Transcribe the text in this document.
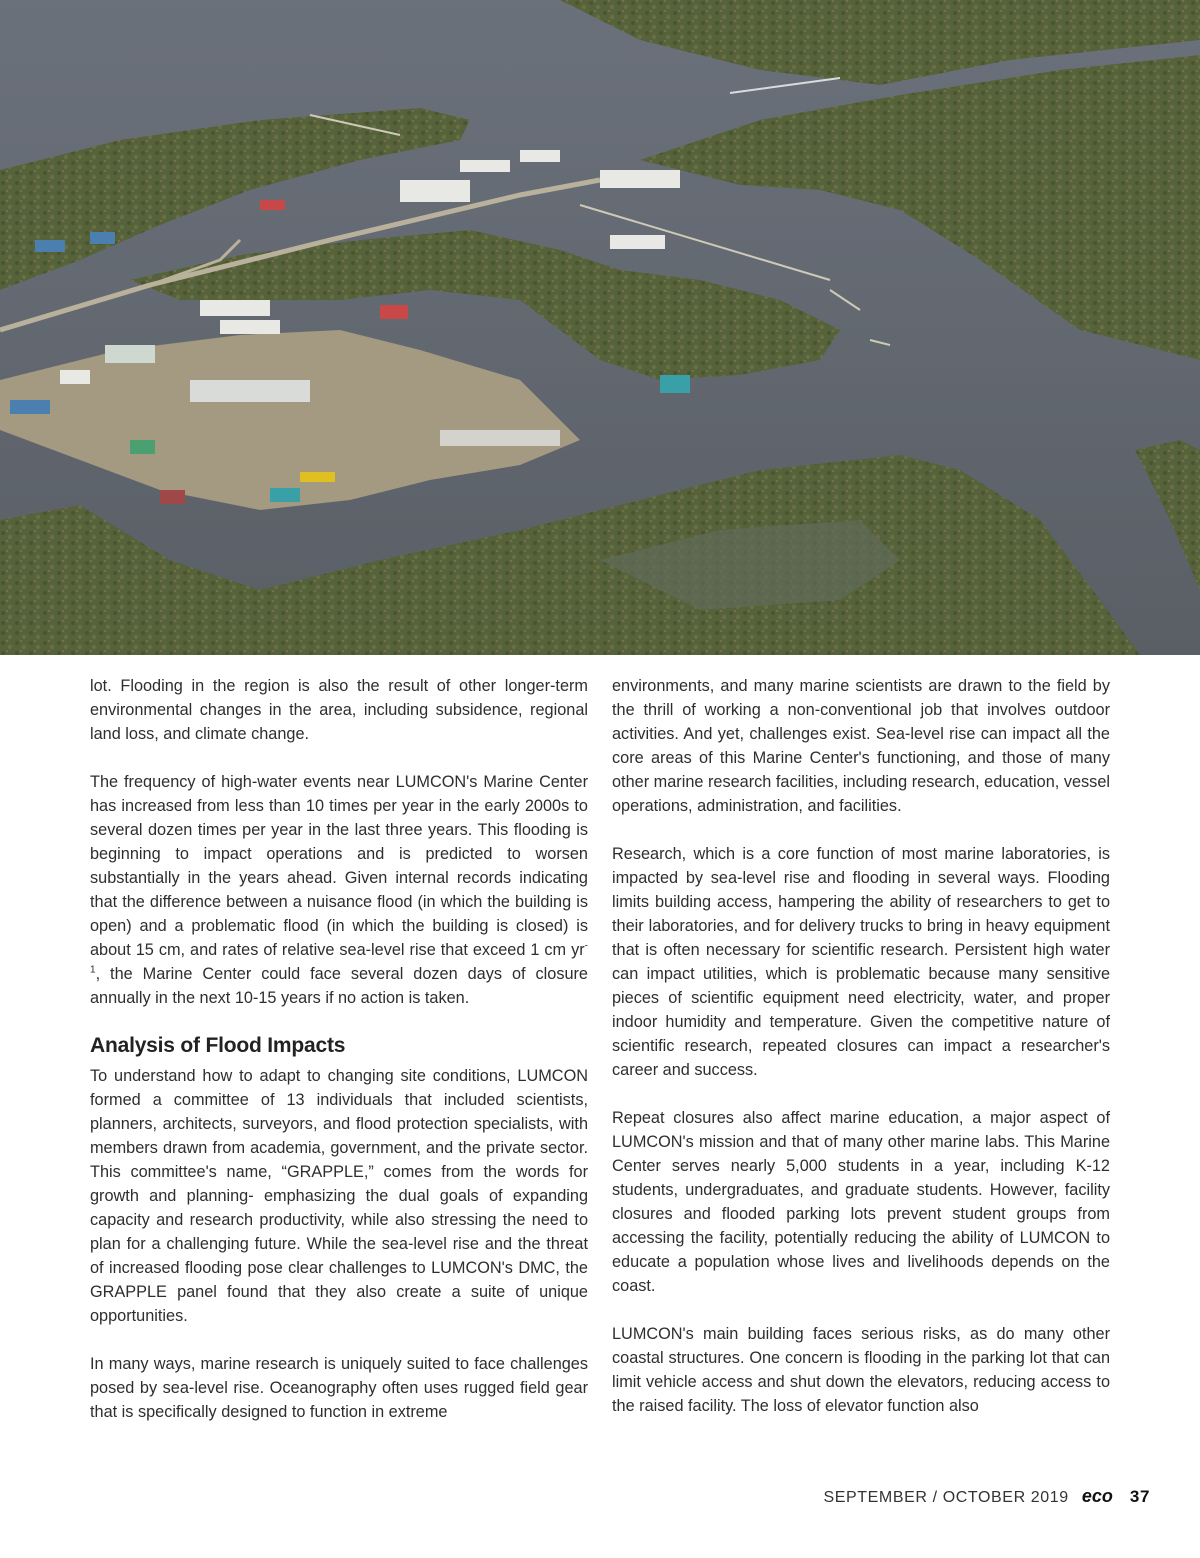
lot. Flooding in the region is also the result of other longer-term environmental changes in the area, including subsidence, regional land loss, and climate change.

The frequency of high-water events near LUMCON's Marine Center has increased from less than 10 times per year in the early 2000s to several dozen times per year in the last three years. This flooding is beginning to impact operations and is predicted to worsen substantially in the years ahead. Given internal records indicating that the difference between a nuisance flood (in which the building is open) and a problematic flood (in which the building is closed) is about 15 cm, and rates of relative sea-level rise that exceed 1 cm $yr^{-1}$, the Marine Center could face several dozen days of closure annually in the next 10-15 years if no action is taken.

Analysis of Flood Impacts

To understand how to adapt to changing site conditions, LUMCON formed a committee of 13 individuals that included scientists, planners, architects, surveyors, and flood protection specialists, with members drawn from academia, government, and the private sector. This committee's name, “GRAPPLE,” comes from the words for growth and planning- emphasizing the dual goals of expanding capacity and research productivity, while also stressing the need to plan for a challenging future. While the sea-level rise and the threat of increased flooding pose clear challenges to LUMCON's DMC, the GRAPPLE panel found that they also create a suite of unique opportunities.

In many ways, marine research is uniquely suited to face challenges posed by sea-level rise. Oceanography often uses rugged field gear that is specifically designed to function in extreme

environments, and many marine scientists are drawn to the field by the thrill of working a non-conventional job that involves outdoor activities. And yet, challenges exist. Sea-level rise can impact all the core areas of this Marine Center's functioning, and those of many other marine research facilities, including research, education, vessel operations, administration, and facilities.

Research, which is a core function of most marine laboratories, is impacted by sea-level rise and flooding in several ways. Flooding limits building access, hampering the ability of researchers to get to their laboratories, and for delivery trucks to bring in heavy equipment that is often necessary for scientific research. Persistent high water can impact utilities, which is problematic because many sensitive pieces of scientific equipment need electricity, water, and proper indoor humidity and temperature. Given the competitive nature of scientific research, repeated closures can impact a researcher's career and success.

Repeat closures also affect marine education, a major aspect of LUMCON's mission and that of many other marine labs. This Marine Center serves nearly 5,000 students in a year, including K-12 students, undergraduates, and graduate students. However, facility closures and flooded parking lots prevent student groups from accessing the facility, potentially reducing the ability of LUMCON to educate a population whose lives and livelihoods depends on the coast.

LUMCON's main building faces serious risks, as do many other coastal structures. One concern is flooding in the parking lot that can limit vehicle access and shut down the elevators, reducing access to the raised facility. The loss of elevator function also

SEPTEMBER / OCTOBER 2019 eco 37
